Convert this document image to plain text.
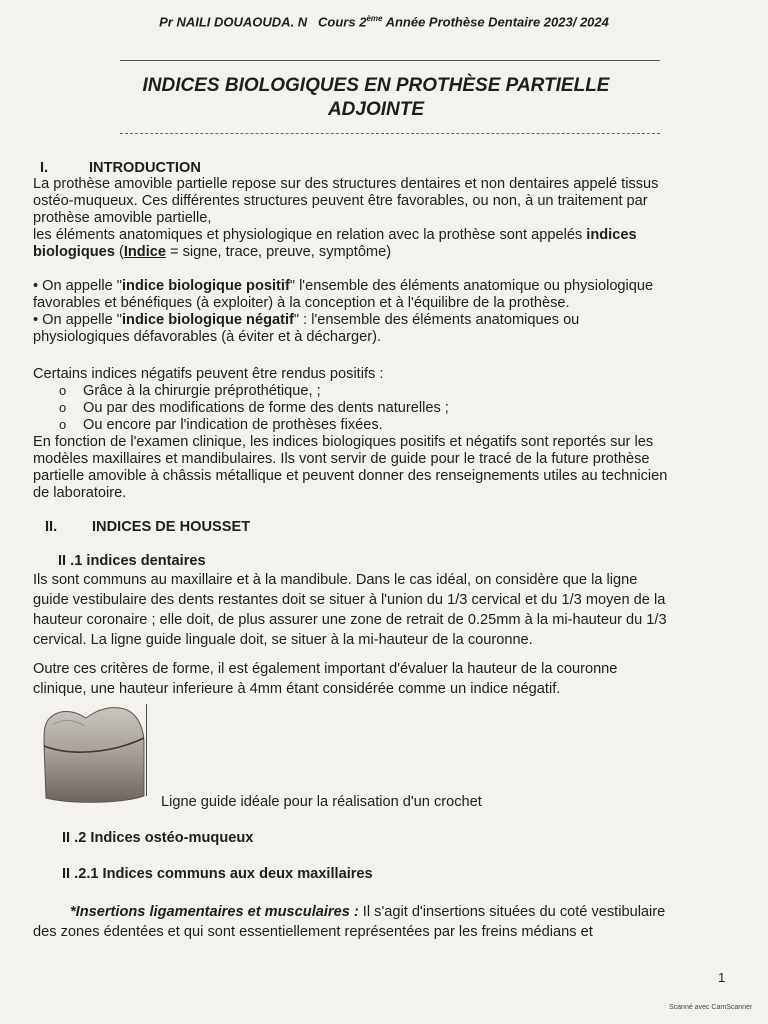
Pr NAILI DOUAOUDA. N Cours 2ème Année Prothèse Dentaire 2023/ 2024
INDICES BIOLOGIQUES EN PROTHÈSE PARTIELLE
ADJOINTE
I.	INTRODUCTION
La prothèse amovible partielle repose sur des structures dentaires et non dentaires appelé tissus
ostéo-muqueux. Ces différentes structures peuvent être favorables, ou non, à un traitement par
prothèse amovible partielle,
les éléments anatomiques et physiologique en relation avec la prothèse sont appelés indices
biologiques (Indice = signe, trace, preuve, symptôme)
• On appelle "indice biologique positif" l'ensemble des éléments anatomique ou physiologique
favorables et bénéfiques (à exploiter) à la conception et à l'équilibre de la prothèse.
• On appelle "indice biologique négatif" : l'ensemble des éléments anatomiques ou
physiologiques défavorables (à éviter et à décharger).
Certains indices négatifs peuvent être rendus positifs :
o Grâce à la chirurgie préprothétique, ;
o Ou par des modifications de forme des dents naturelles ;
o Ou encore par l'indication de prothèses fixées.
En fonction de l'examen clinique, les indices biologiques positifs et négatifs sont reportés sur les
modèles maxillaires et mandibulaires. Ils vont servir de guide pour le tracé de la future prothèse
partielle amovible à châssis métallique et peuvent donner des renseignements utiles au technicien
de laboratoire.
II. INDICES DE HOUSSET
II .1 indices dentaires
Ils sont communs au maxillaire et à la mandibule. Dans le cas idéal, on considère que la ligne
guide vestibulaire des dents restantes doit se situer à l'union du 1/3 cervical et du 1/3 moyen de la
hauteur coronaire ; elle doit, de plus assurer une zone de retrait de 0.25mm à la mi-hauteur du 1/3
cervical. La ligne guide linguale doit, se situer à la mi-hauteur de la couronne.
Outre ces critères de forme, il est également important d'évaluer la hauteur de la couronne
clinique, une hauteur inferieure à 4mm étant considérée comme un indice négatif.
Ligne guide idéale pour la réalisation d'un crochet
II .2 Indices ostéo-muqueux
II .2.1 Indices communs aux deux maxillaires
*Insertions ligamentaires et musculaires : Il s'agit d'insertions situées du coté vestibulaire
des zones édentées et qui sont essentiellement représentées par les freins médians et
1
Scanné avec CamScanner
